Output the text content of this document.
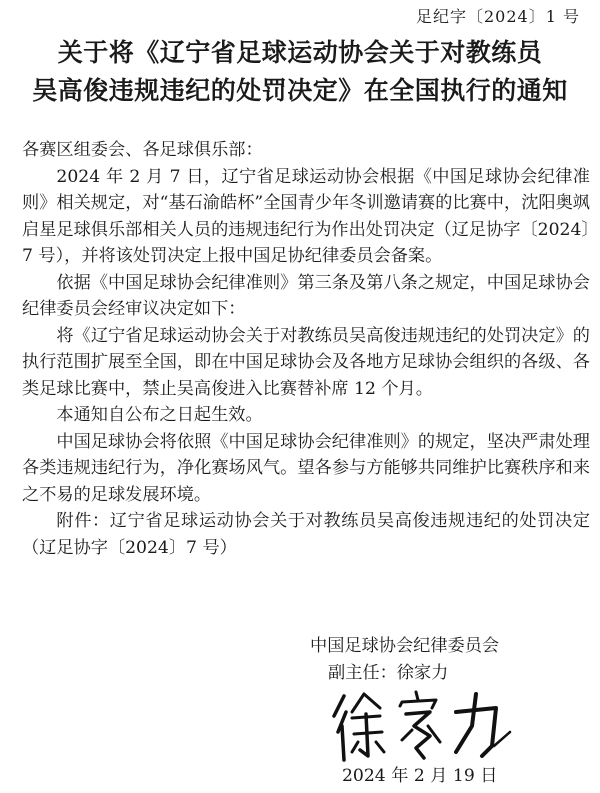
足纪字〔2024〕1 号
关于将《辽宁省足球运动协会关于对教练员
吴高俊违规违纪的处罚决定》在全国执行的通知

各赛区组委会、各足球俱乐部：

2024 年 2 月 7 日，辽宁省足球运动协会根据《中国足球协会纪律准则》相关规定，对“基石渝皓杯”全国青少年冬训邀请赛的比赛中，沈阳奥飒启星足球俱乐部相关人员的违规违纪行为作出处罚决定（辽足协字〔2024〕7 号），并将该处罚决定上报中国足协纪律委员会备案。

依据《中国足球协会纪律准则》第三条及第八条之规定，中国足球协会纪律委员会经审议决定如下：

将《辽宁省足球运动协会关于对教练员吴高俊违规违纪的处罚决定》的执行范围扩展至全国，即在中国足球协会及各地方足球协会组织的各级、各类足球比赛中，禁止吴高俊进入比赛替补席 12 个月。

本通知自公布之日起生效。

中国足球协会将依照《中国足球协会纪律准则》的规定，坚决严肃处理各类违规违纪行为，净化赛场风气。望各参与方能够共同维护比赛秩序和来之不易的足球发展环境。

附件：辽宁省足球运动协会关于对教练员吴高俊违规违纪的处罚决定（辽足协字〔2024〕7 号）

中国足球协会纪律委员会
副主任：徐家力
2024 年 2 月 19 日
